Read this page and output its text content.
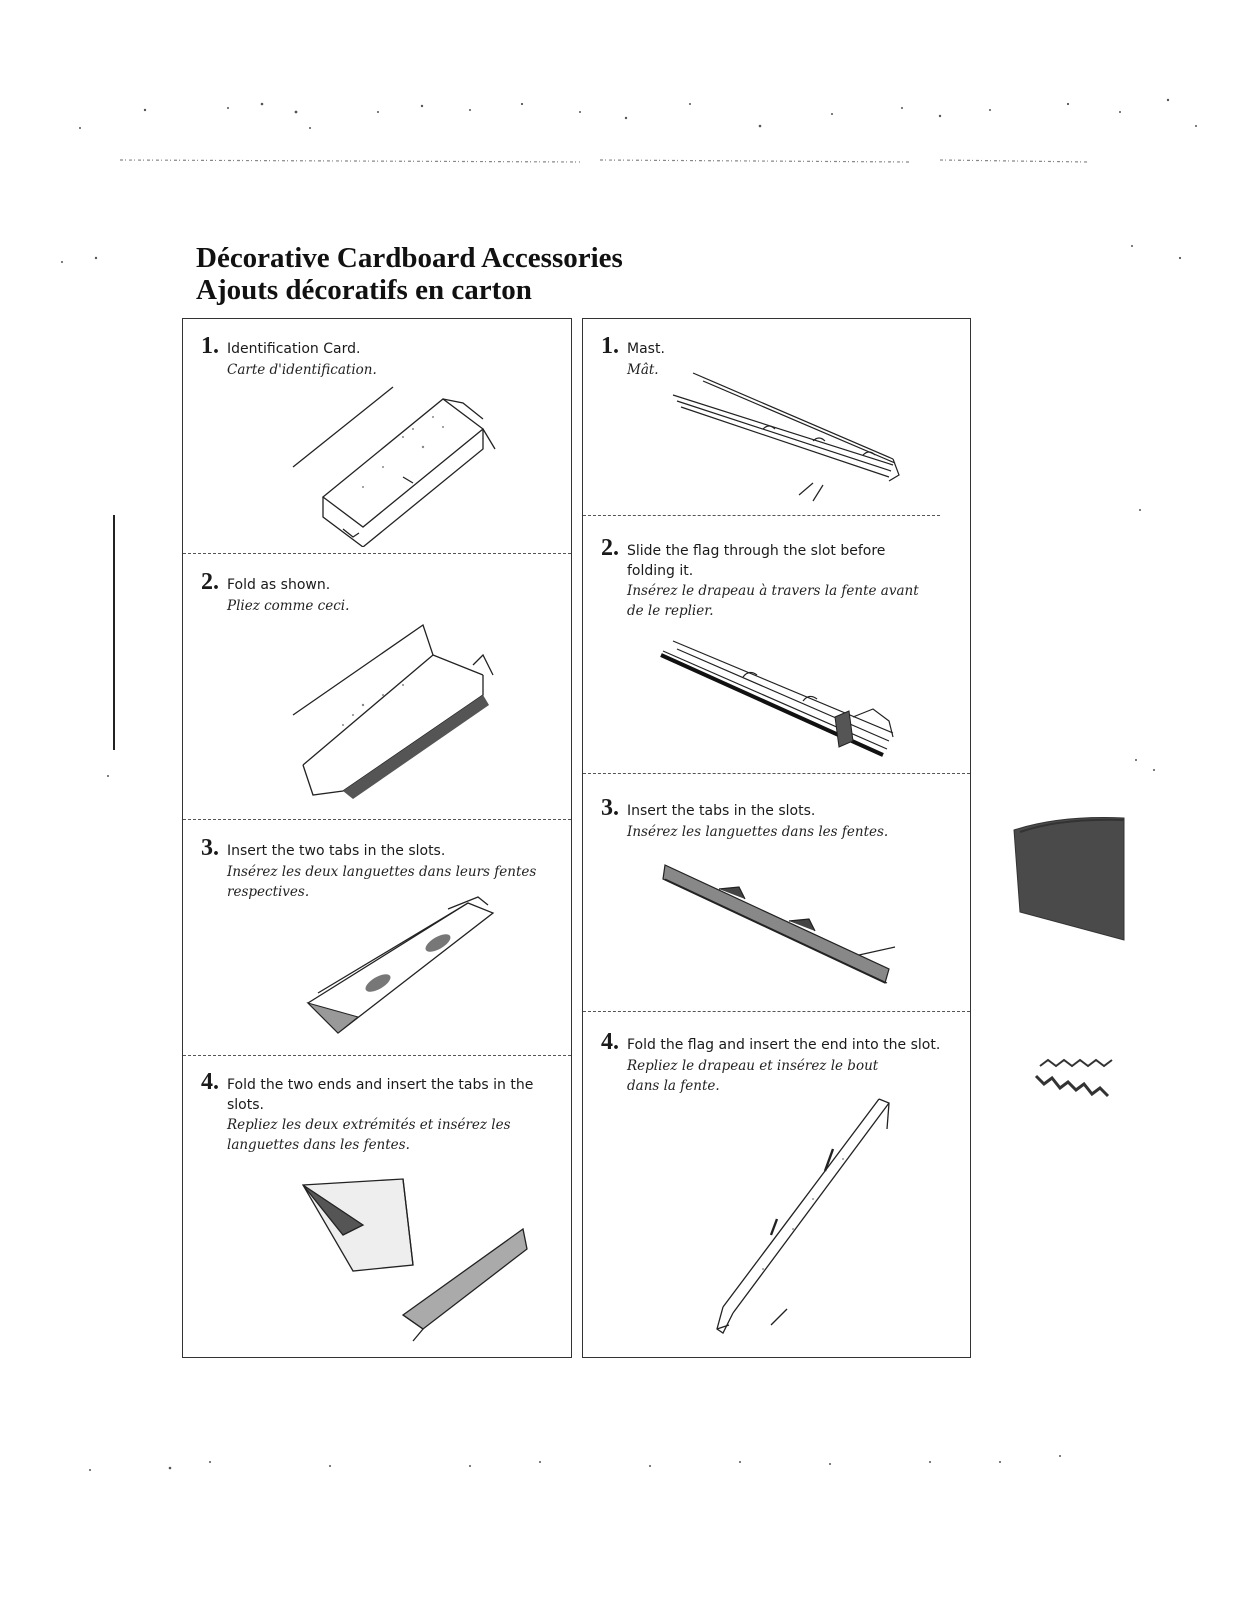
Décorative Cardboard Accessories
Ajouts décoratifs en carton
1. Identification Card.
Carte d'identification.
2. Fold as shown.
Pliez comme ceci.
3. Insert the two tabs in the slots.
Insérez les deux languettes dans leurs fentes respectives.
4. Fold the two ends and insert the tabs in the slots.
Repliez les deux extrémités et insérez les languettes dans les fentes.
1. Mast.
Mât.
2. Slide the flag through the slot before folding it.
Insérez le drapeau à travers la fente avant de le replier.
3. Insert the tabs in the slots.
Insérez les languettes dans les fentes.
4. Fold the flag and insert the end into the slot.
Repliez le drapeau et insérez le bout dans la fente.
